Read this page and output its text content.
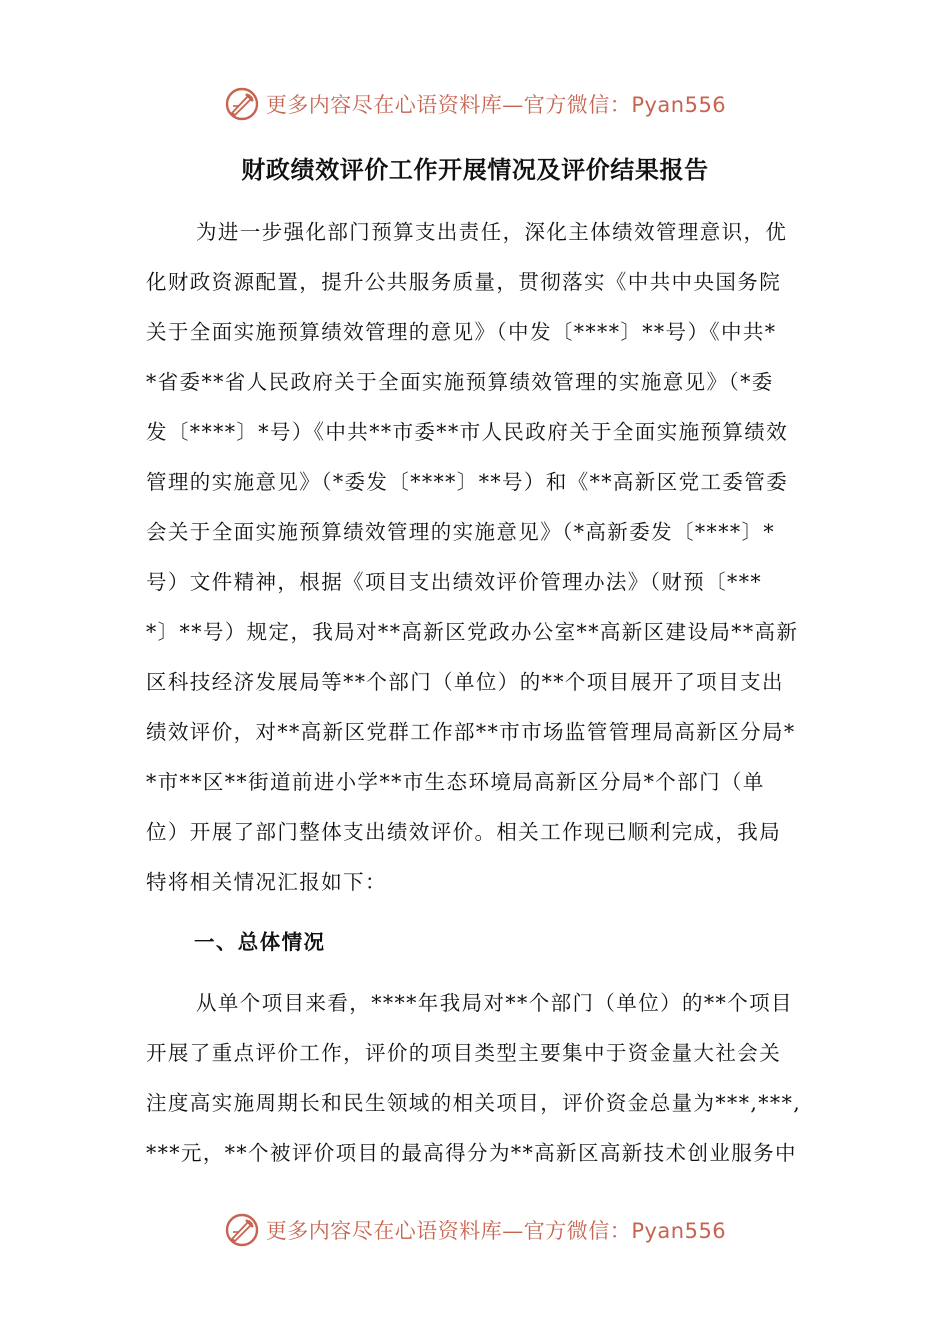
更多内容尽在心语资料库—官方微信：Pyan556
财政绩效评价工作开展情况及评价结果报告
为进一步强化部门预算支出责任，深化主体绩效管理意识，优
化财政资源配置，提升公共服务质量，贯彻落实《中共中央国务院
关于全面实施预算绩效管理的意见》（中发〔****〕**号）《中共*
*省委**省人民政府关于全面实施预算绩效管理的实施意见》（*委
发〔****〕*号）《中共**市委**市人民政府关于全面实施预算绩效
管理的实施意见》（*委发〔****〕**号）和《**高新区党工委管委
会关于全面实施预算绩效管理的实施意见》（*高新委发〔****〕*
号）文件精神，根据《项目支出绩效评价管理办法》（财预〔***
*〕**号）规定，我局对**高新区党政办公室**高新区建设局**高新
区科技经济发展局等**个部门（单位）的**个项目展开了项目支出
绩效评价，对**高新区党群工作部**市市场监管管理局高新区分局*
*市**区**街道前进小学**市生态环境局高新区分局*个部门（单
位）开展了部门整体支出绩效评价。相关工作现已顺利完成，我局
特将相关情况汇报如下：
一、总体情况
从单个项目来看，****年我局对**个部门（单位）的**个项目
开展了重点评价工作，评价的项目类型主要集中于资金量大社会关
注度高实施周期长和民生领域的相关项目，评价资金总量为***,***,
***元，**个被评价项目的最高得分为**高新区高新技术创业服务中
更多内容尽在心语资料库—官方微信：Pyan556
